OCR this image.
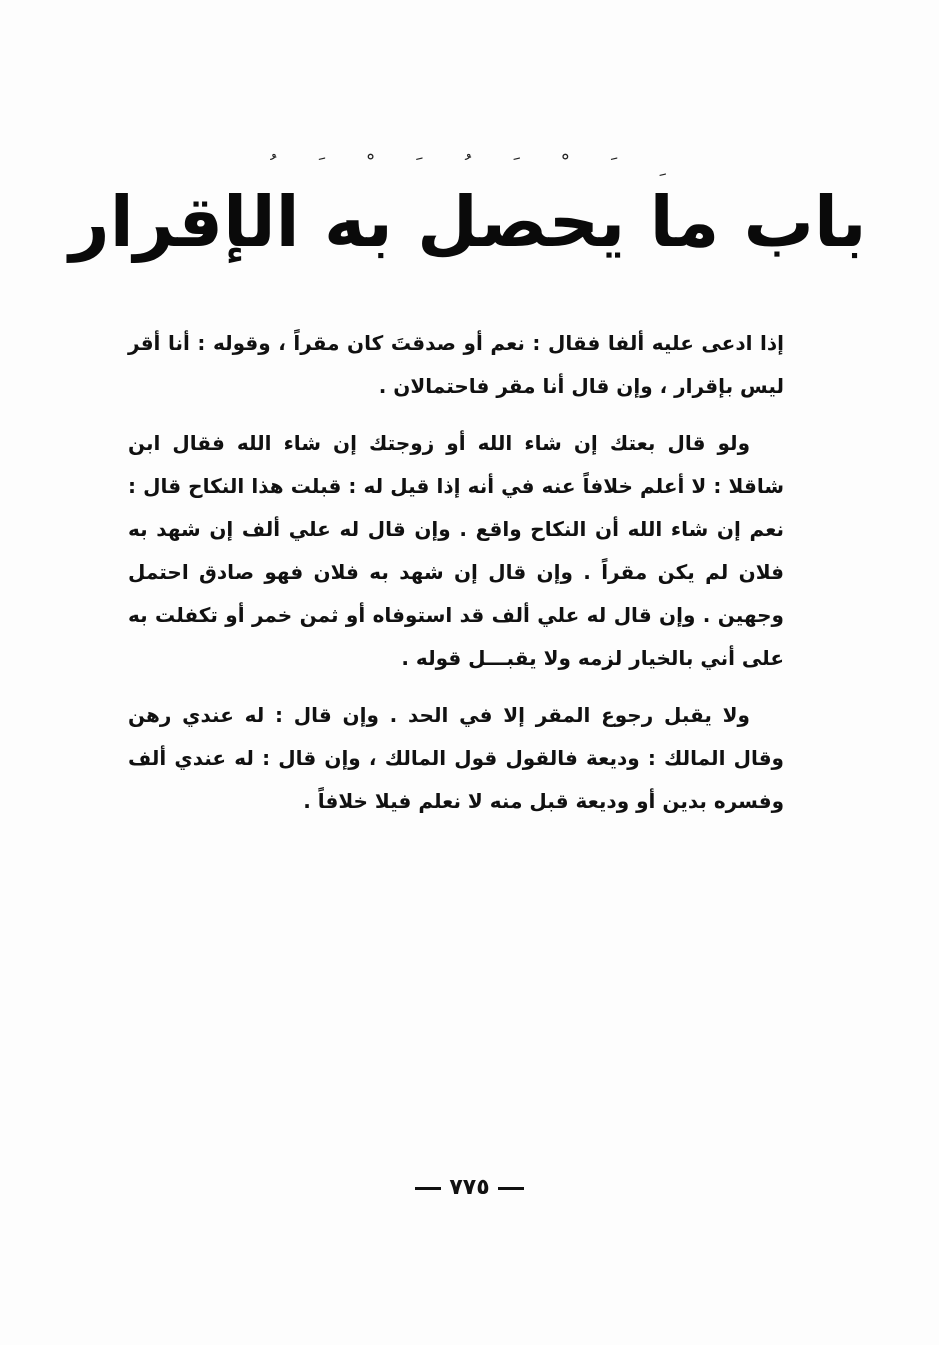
ﹸ ﹶ ﹾ ﹶ ﹸ ﹶ ﹾ ﹶ ﹺ
باب ما يحصل به الإقرار

إذا ادعى عليه ألفا فقال : نعم أو صدقتَ كان مقراً ، وقوله : أنا أقر ليس بإقرار ، وإن قال أنا مقر فاحتمالان .

ولو قال بعتك إن شاء الله أو زوجتك إن شاء الله فقال ابن شاقلا : لا أعلم خلافاً عنه في أنه إذا قيل له : قبلت هذا النكاح قال : نعم إن شاء الله أن النكاح واقع . وإن قال له علي ألف إن شهد به فلان لم يكن مقراً . وإن قال إن شهد به فلان فهو صادق احتمل وجهين . وإن قال له علي ألف قد استوفاه أو ثمن خمر أو تكفلت به على أني بالخيار لزمه ولا يقبـــل قوله .

ولا يقبل رجوع المقر إلا في الحد . وإن قال : له عندي رهن وقال المالك : وديعة فالقول قول المالك ، وإن قال : له عندي ألف وفسره بدين أو وديعة قبل منه لا نعلم فيلا خلافاً .

٧٧٥
